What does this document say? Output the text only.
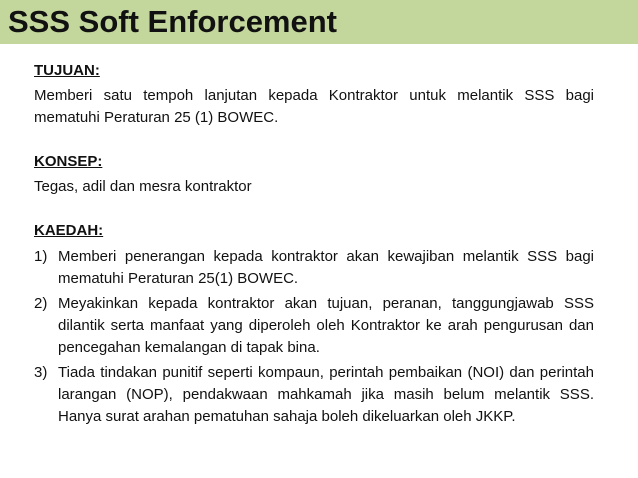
SSS Soft Enforcement

TUJUAN:

Memberi satu tempoh lanjutan kepada Kontraktor untuk melantik SSS bagi mematuhi Peraturan 25 (1) BOWEC.

KONSEP:

Tegas, adil dan mesra kontraktor

KAEDAH:

1) Memberi penerangan kepada kontraktor akan kewajiban melantik SSS bagi mematuhi Peraturan 25(1) BOWEC.
2) Meyakinkan kepada kontraktor akan tujuan, peranan, tanggungjawab SSS dilantik serta manfaat yang diperoleh oleh Kontraktor ke arah pengurusan dan pencegahan kemalangan di tapak bina.
3) Tiada tindakan punitif seperti kompaun, perintah pembaikan (NOI) dan perintah larangan (NOP), pendakwaan mahkamah jika masih belum melantik SSS. Hanya surat arahan pematuhan sahaja boleh dikeluarkan oleh JKKP.
